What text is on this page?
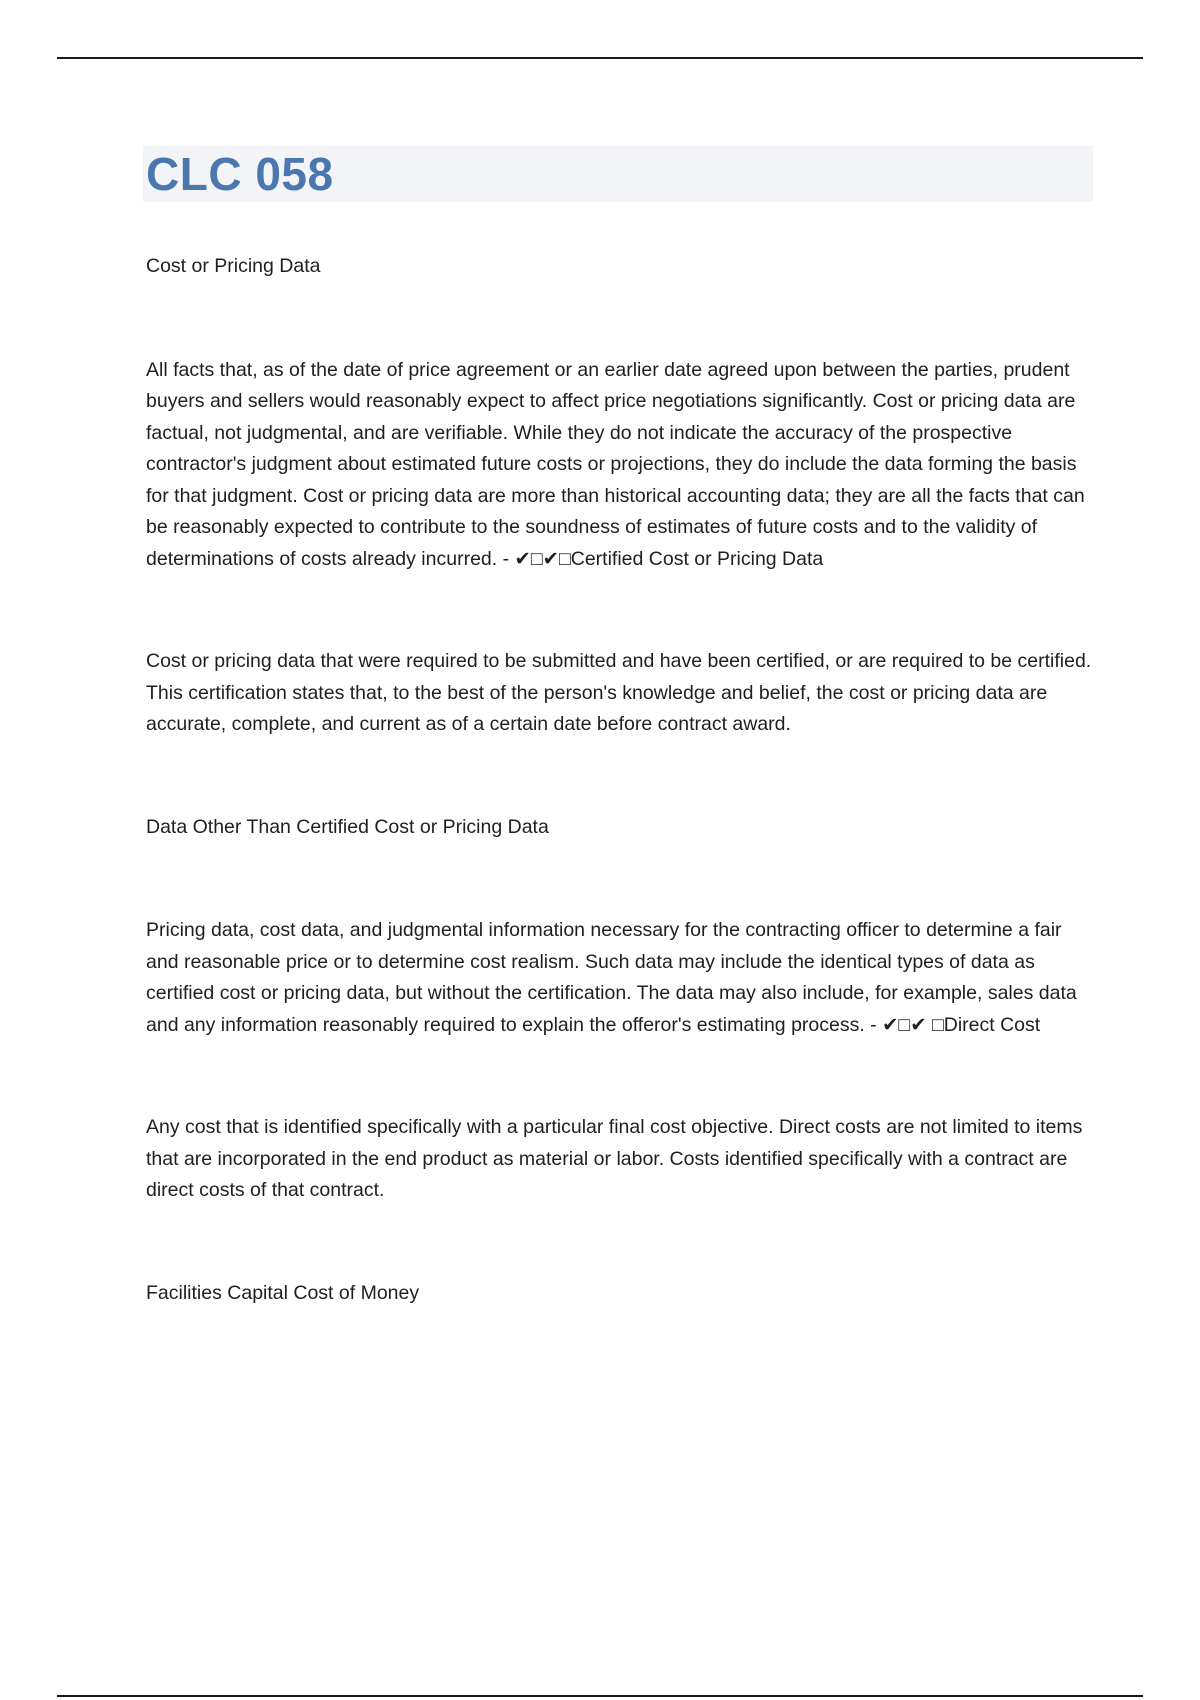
CLC 058

Cost or Pricing Data

All facts that, as of the date of price agreement or an earlier date agreed upon between the parties, prudent buyers and sellers would reasonably expect to affect price negotiations significantly. Cost or pricing data are factual, not judgmental, and are verifiable. While they do not indicate the accuracy of the prospective contractor's judgment about estimated future costs or projections, they do include the data forming the basis for that judgment. Cost or pricing data are more than historical accounting data; they are all the facts that can be reasonably expected to contribute to the soundness of estimates of future costs and to the validity of determinations of costs already incurred. - ✔□✔□Certified Cost or Pricing Data

Cost or pricing data that were required to be submitted and have been certified, or are required to be certified. This certification states that, to the best of the person's knowledge and belief, the cost or pricing data are accurate, complete, and current as of a certain date before contract award.

Data Other Than Certified Cost or Pricing Data

Pricing data, cost data, and judgmental information necessary for the contracting officer to determine a fair and reasonable price or to determine cost realism. Such data may include the identical types of data as certified cost or pricing data, but without the certification. The data may also include, for example, sales data and any information reasonably required to explain the offeror's estimating process. - ✔□✔ □Direct Cost

Any cost that is identified specifically with a particular final cost objective. Direct costs are not limited to items that are incorporated in the end product as material or labor. Costs identified specifically with a contract are direct costs of that contract.

Facilities Capital Cost of Money
